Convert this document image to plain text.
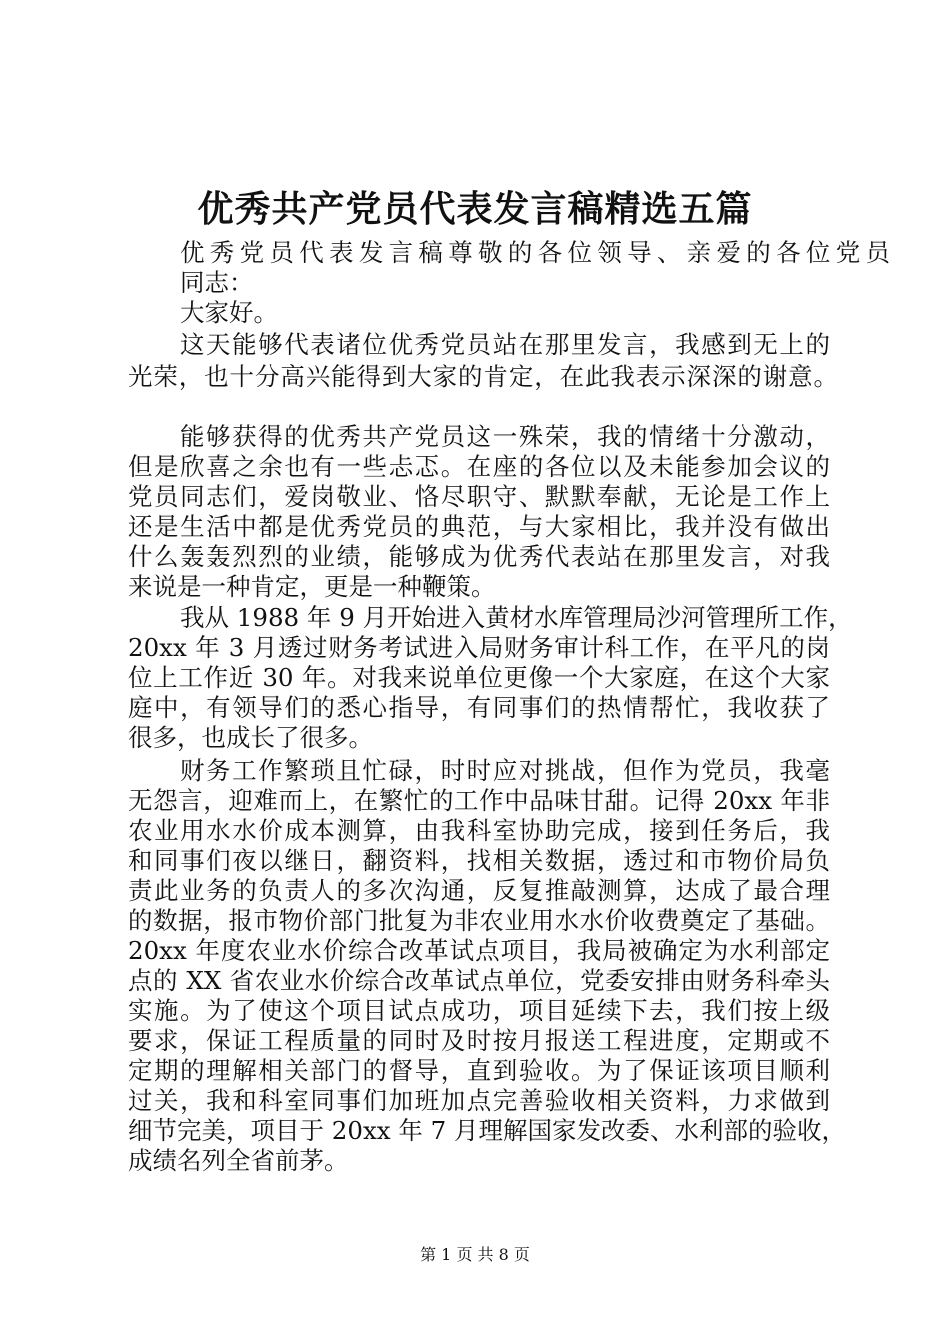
优秀共产党员代表发言稿精选五篇
优秀党员代表发言稿尊敬的各位领导、亲爱的各位党员
同志：
大家好。
这天能够代表诸位优秀党员站在那里发言，我感到无上的
光荣，也十分高兴能得到大家的肯定，在此我表示深深的谢意。
能够获得的优秀共产党员这一殊荣，我的情绪十分激动，
但是欣喜之余也有一些忐忑。在座的各位以及未能参加会议的
党员同志们，爱岗敬业、恪尽职守、默默奉献，无论是工作上
还是生活中都是优秀党员的典范，与大家相比，我并没有做出
什么轰轰烈烈的业绩，能够成为优秀代表站在那里发言，对我
来说是一种肯定，更是一种鞭策。
我从 1988 年 9 月开始进入黄材水库管理局沙河管理所工作，
20xx 年 3 月透过财务考试进入局财务审计科工作，在平凡的岗
位上工作近 30 年。对我来说单位更像一个大家庭，在这个大家
庭中，有领导们的悉心指导，有同事们的热情帮忙，我收获了
很多，也成长了很多。
财务工作繁琐且忙碌，时时应对挑战，但作为党员，我毫
无怨言，迎难而上，在繁忙的工作中品味甘甜。记得 20xx 年非
农业用水水价成本测算，由我科室协助完成，接到任务后，我
和同事们夜以继日，翻资料，找相关数据，透过和市物价局负
责此业务的负责人的多次沟通，反复推敲测算，达成了最合理
的数据，报市物价部门批复为非农业用水水价收费奠定了基础。
20xx 年度农业水价综合改革试点项目，我局被确定为水利部定
点的 XX 省农业水价综合改革试点单位，党委安排由财务科牵头
实施。为了使这个项目试点成功，项目延续下去，我们按上级
要求，保证工程质量的同时及时按月报送工程进度，定期或不
定期的理解相关部门的督导，直到验收。为了保证该项目顺利
过关，我和科室同事们加班加点完善验收相关资料，力求做到
细节完美，项目于 20xx 年 7 月理解国家发改委、水利部的验收，
成绩名列全省前茅。
第 1 页 共 8 页
